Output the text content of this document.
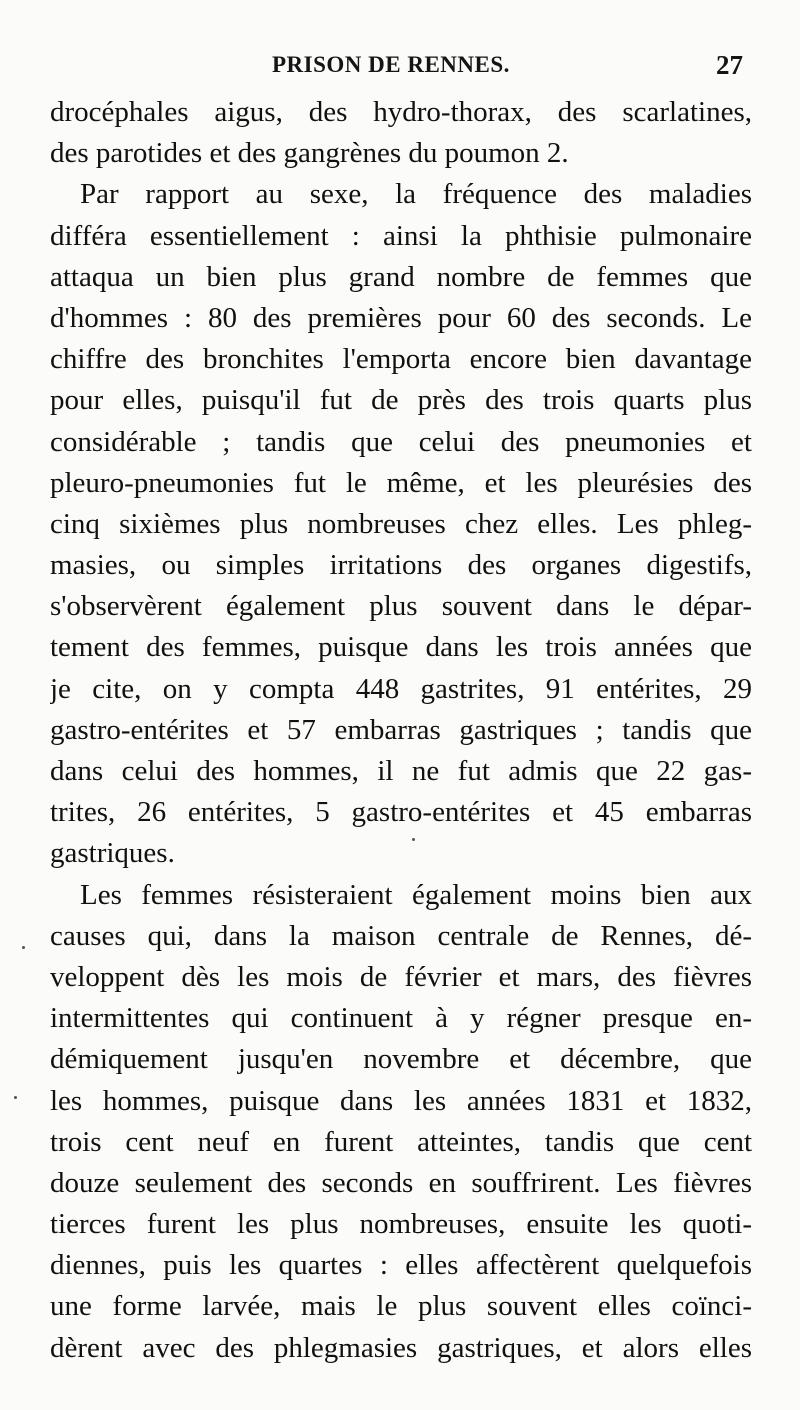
PRISON DE RENNES.	27
drocéphales aigus, des hydro-thorax, des scarlatines,
des parotides et des gangrènes du poumon 2.
Par rapport au sexe, la fréquence des maladies
différa essentiellement : ainsi la phthisie pulmonaire
attaqua un bien plus grand nombre de femmes que
d'hommes : 80 des premières pour 60 des seconds. Le
chiffre des bronchites l'emporta encore bien davantage
pour elles, puisqu'il fut de près des trois quarts plus
considérable ; tandis que celui des pneumonies et
pleuro-pneumonies fut le même, et les pleurésies des
cinq sixièmes plus nombreuses chez elles. Les phleg-
masies, ou simples irritations des organes digestifs,
s'observèrent également plus souvent dans le dépar-
tement des femmes, puisque dans les trois années que
je cite, on y compta 448 gastrites, 91 entérites, 29
gastro-entérites et 57 embarras gastriques ; tandis que
dans celui des hommes, il ne fut admis que 22 gas-
trites, 26 entérites, 5 gastro-entérites et 45 embarras
gastriques.
Les femmes résisteraient également moins bien aux
causes qui, dans la maison centrale de Rennes, dé-
veloppent dès les mois de février et mars, des fièvres
intermittentes qui continuent à y régner presque en-
démiquement jusqu'en novembre et décembre, que
les hommes, puisque dans les années 1831 et 1832,
trois cent neuf en furent atteintes, tandis que cent
douze seulement des seconds en souffrirent. Les fièvres
tierces furent les plus nombreuses, ensuite les quoti-
diennes, puis les quartes : elles affectèrent quelquefois
une forme larvée, mais le plus souvent elles coïnci-
dèrent avec des phlegmasies gastriques, et alors elles
